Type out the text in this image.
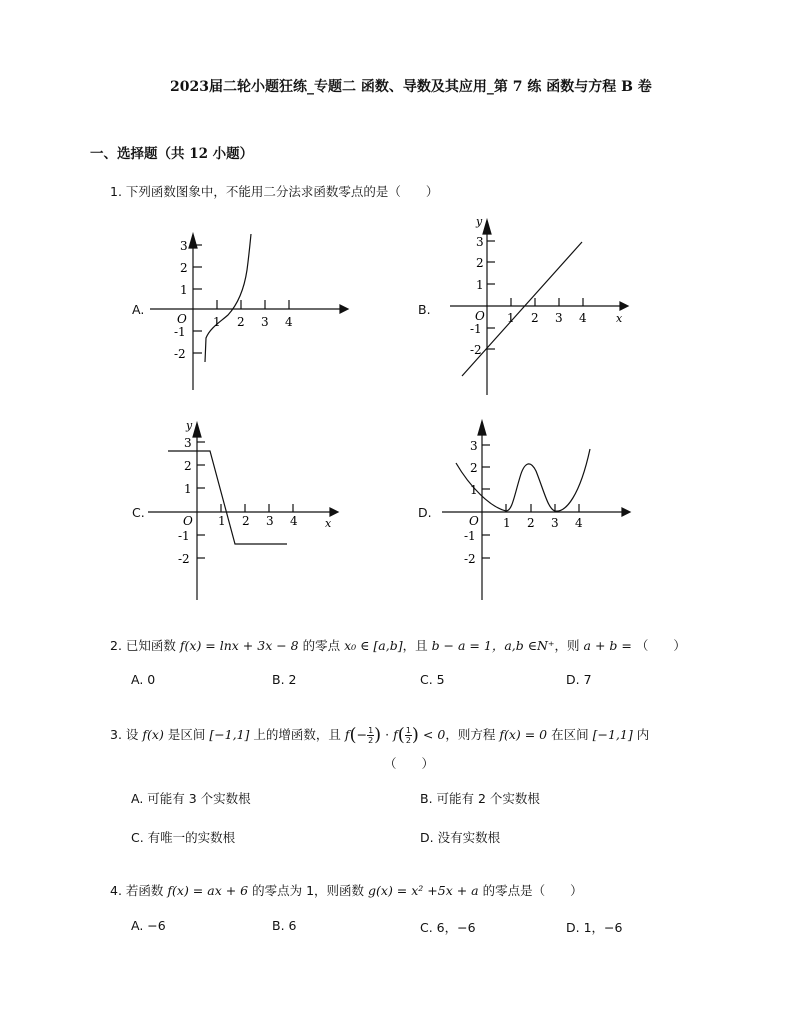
2023届二轮小题狂练_专题二 函数、导数及其应用_第 7 练 函数与方程 B 卷
一、选择题（共 12 小题）
1. 下列函数图象中，不能用二分法求函数零点的是（　　）
A.	B.
C.	D.
O
3
2
1
-1
-2
1 2 3 4
y
x
O
3
2
1
-1
-2
1 2 3 4
y
x
O
3
2
1
-1
-2
1 2 3 4	O
3
2
1
-1
-2
1 2 3 4
2. 已知函数 f(x) = lnx + 3x − 8 的零点 x₀ ∈ [a,b]，且 b − a = 1，a,b ∈N⁺，则 a + b = （　　）
A. 0	B. 2	C. 5	D. 7
3. 设 f(x) 是区间 [−1,1] 上的增函数，且 $f(- \frac{1}{2}$ ) · $f( \frac{1}{2}$ ) < 0，则方程 f(x) = 0 在区间 [−1,1] 内
（　　）
A. 可能有 3 个实数根	B. 可能有 2 个实数根
C. 有唯一的实数根	D. 没有实数根
4. 若函数 f(x) = ax + 6 的零点为 1，则函数 g(x) = x² +5x + a 的零点是（　　）
A. −6	B. 6	C. 6，−6	D. 1，−6
